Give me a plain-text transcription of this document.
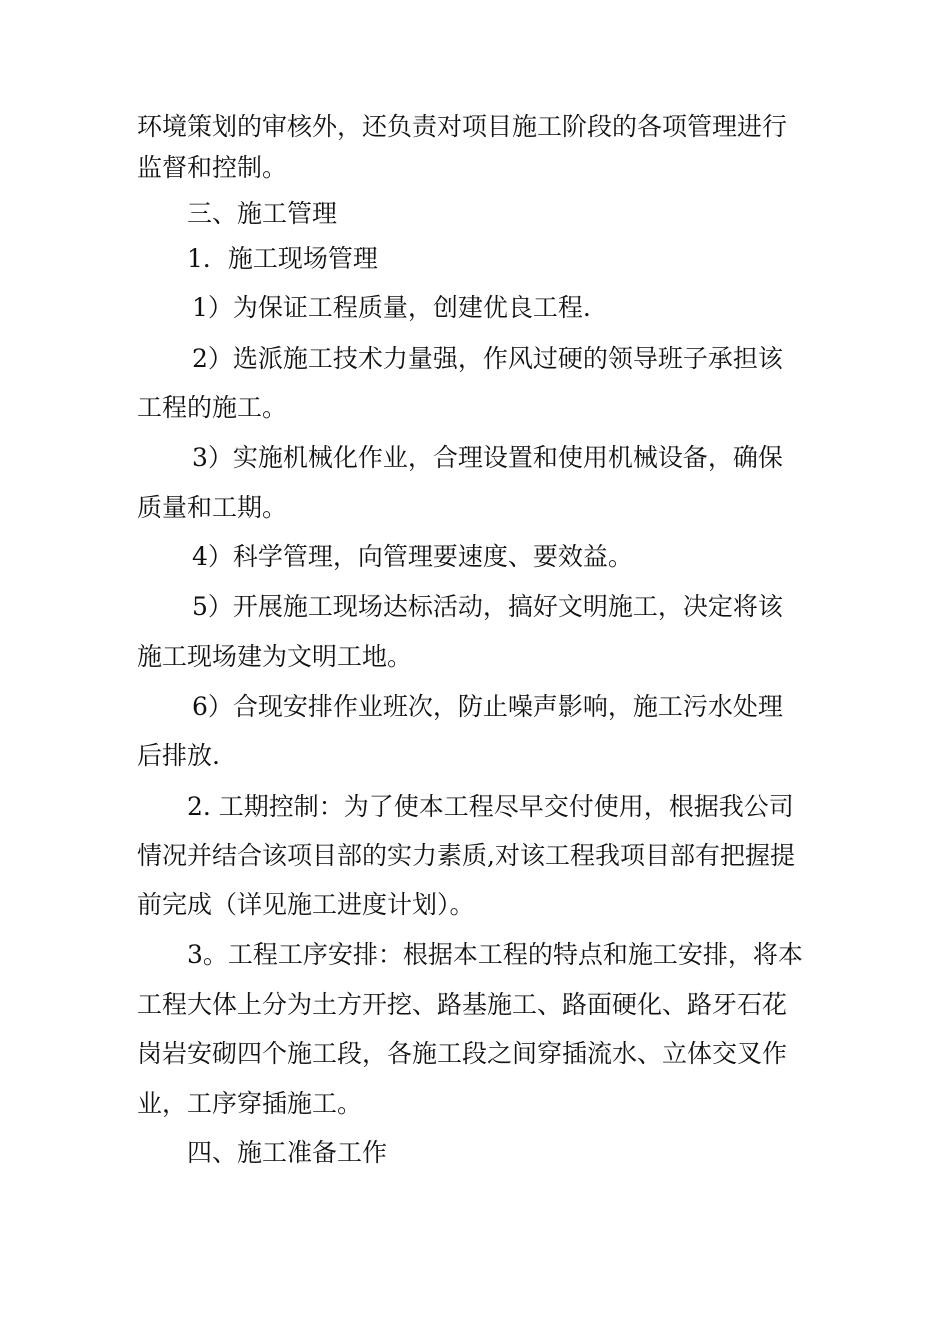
环境策划的审核外，还负责对项目施工阶段的各项管理进行
监督和控制。
三、施工管理
1．施工现场管理
1）为保证工程质量，创建优良工程.
2）选派施工技术力量强，作风过硬的领导班子承担该
工程的施工。
3）实施机械化作业，合理设置和使用机械设备，确保
质量和工期。
4）科学管理，向管理要速度、要效益。
5）开展施工现场达标活动，搞好文明施工，决定将该
施工现场建为文明工地。
6）合现安排作业班次，防止噪声影响，施工污水处理
后排放.
2. 工期控制：为了使本工程尽早交付使用，根据我公司
情况并结合该项目部的实力素质,对该工程我项目部有把握提
前完成（详见施工进度计划）。
3。工程工序安排：根据本工程的特点和施工安排，将本
工程大体上分为土方开挖、路基施工、路面硬化、路牙石花
岗岩安砌四个施工段，各施工段之间穿插流水、立体交叉作
业，工序穿插施工。
四、施工准备工作
